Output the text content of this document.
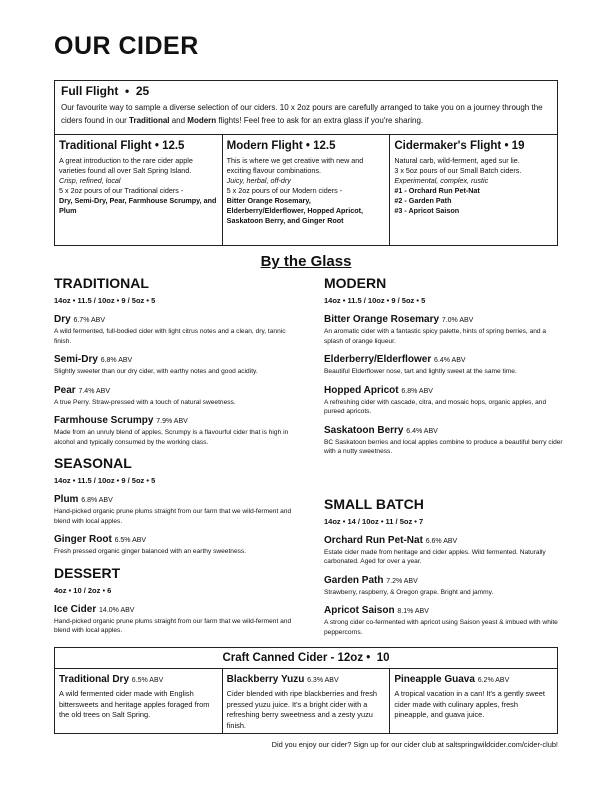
OUR CIDER
Full Flight  •  25
Our favourite way to sample a diverse selection of our ciders. 10 x 2oz pours are carefully arranged to take you on a journey through the ciders found in our Traditional and Modern flights! Feel free to ask for an extra glass if you're sharing.
Traditional Flight • 12.5

A great introduction to the rare cider apple varieties found all over Salt Spring Island.

Crisp, refined, local

5 x 2oz pours of our Traditional ciders -

Dry, Semi-Dry, Pear, Farmhouse Scrumpy, and Plum

Modern Flight • 12.5

This is where we get creative with new and exciting flavour combinations.

Juicy, herbal, off-dry

5 x 2oz pours of our Modern ciders -

Bitter Orange Rosemary, Elderberry/Elderflower, Hopped Apricot, Saskatoon Berry, and Ginger Root

Cidermaker's Flight • 19

Natural carb, wild-ferment, aged sur lie.

3 x 5oz pours of our Small Batch ciders.

Experimental, complex, rustic

#1 - Orchard Run Pet-Nat

#2 - Garden Path

#3 - Apricot Saison

By the Glass
TRADITIONAL
14oz • 11.5 / 10oz • 9 / 5oz • 5
Dry 6.7% ABV
A wild fermented, full-bodied cider with light citrus notes and a clean, dry, tannic finish.
Semi-Dry 6.8% ABV
Slightly sweeter than our dry cider, with earthy notes and good acidity.
Pear 7.4% ABV
A true Perry. Straw-pressed with a touch of natural sweetness.
Farmhouse Scrumpy 7.9% ABV
Made from an unruly blend of apples, Scrumpy is a flavourful cider that is high in alcohol and typically consumed by the working class.
SEASONAL
14oz • 11.5 / 10oz • 9 / 5oz • 5
Plum 6.8% ABV
Hand-picked organic prune plums straight from our farm that we wild-ferment and blend with local apples.
Ginger Root 6.5% ABV
Fresh pressed organic ginger balanced with an earthy sweetness.
DESSERT
4oz • 10 / 2oz • 6
Ice Cider 14.0% ABV
Hand-picked organic prune plums straight from our farm that we wild-ferment and blend with local apples.
MODERN
14oz • 11.5 / 10oz • 9 / 5oz • 5
Bitter Orange Rosemary 7.0% ABV
An aromatic cider with a fantastic spicy palette, hints of spring berries, and a splash of orange liqueur.
Elderberry/Elderflower 6.4% ABV
Beautiful Elderflower nose, tart and lightly sweet at the same time.
Hopped Apricot 6.8% ABV
A refreshing cider with cascade, citra, and mosaic hops, organic apples, and pureed apricots.
Saskatoon Berry 6.4% ABV
BC Saskatoon berries and local apples combine to produce a beautiful berry cider with a nutty sweetness.
SMALL BATCH
14oz • 14 / 10oz • 11 / 5oz • 7
Orchard Run Pet-Nat 6.6% ABV
Estate cider made from heritage and cider apples. Wild fermented. Naturally carbonated. Aged for over a year.
Garden Path 7.2% ABV
Strawberry, raspberry, & Oregon grape. Bright and jammy.
Apricot Saison 8.1% ABV
A strong cider co-fermented with apricot using Saison yeast & imbued with white peppercorns.
Craft Canned Cider - 12oz •  10
Traditional Dry 6.5% ABV
A wild fermented cider made with English bittersweets and heritage apples foraged from the old trees on Salt Spring.
Blackberry Yuzu 6.3% ABV
Cider blended with ripe blackberries and fresh pressed yuzu juice. It's a bright cider with a refreshing berry sweetness and a zesty yuzu finish.
Pineapple Guava 6.2% ABV
A tropical vacation in a can! It's a gently sweet cider made with culinary apples, fresh pineapple, and guava juice.
Did you enjoy our cider? Sign up for our cider club at saltspringwildcider.com/cider-club!
